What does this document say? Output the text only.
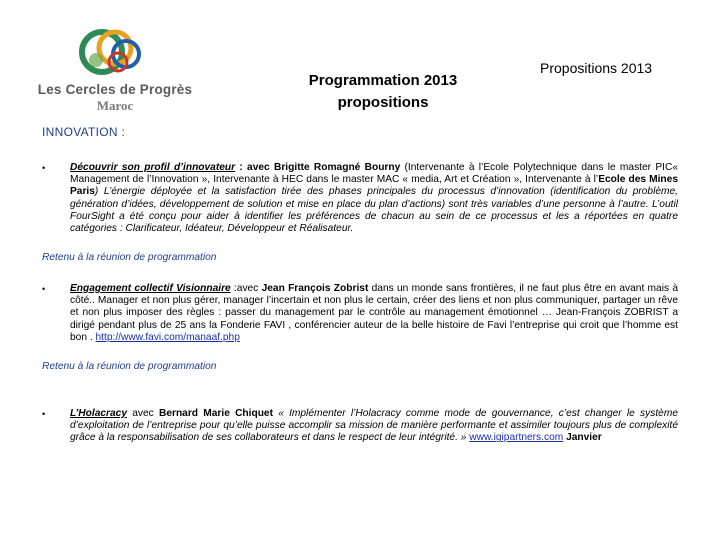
Les Cercles de Progrès
Maroc
Programmation 2013
propositions
Propositions 2013
INNOVATION :
• Découvrir son profil d’innovateur : avec Brigitte Romagné Bourny (Intervenante à l’Ecole Polytechnique dans le master PIC« Management de l’Innovation », Intervenante à HEC dans le master MAC « media, Art et Création », Intervenante à l’Ecole des Mines Paris) L’énergie déployée et la satisfaction tirée des phases principales du processus d’innovation (identification du problème, génération d’idées, développement de solution et mise en place du plan d’actions) sont très variables d’une personne à l’autre. L’outil FourSight a été conçu pour aider à identifier les préférences de chacun au sein de ce processus et les a réportées en quatre catégories : Clarificateur, Idéateur, Développeur et Réalisateur.
Retenu à la réunion de programmation
• Engagement collectif Visionnaire :avec Jean François Zobrist dans un monde sans frontières, il ne faut plus être en avant mais à côté.. Manager et non plus gérer, manager l’incertain et non plus le certain, créer des liens et non plus communiquer, partager un rêve et non plus imposer des règles : passer du management par le contrôle au management émotionnel … Jean-François ZOBRIST a dirigé pendant plus de 25 ans la Fonderie FAVI , conférencier auteur de la belle histoire de Favi l’entreprise qui croit que l’homme est bon . http://www.favi.com/manaaf.php
Retenu à la réunion de programmation
• L’Holacracy avec Bernard Marie Chiquet « Implémenter l’Holacracy comme mode de gouvernance, c’est changer le système d’exploitation de l’entreprise pour qu’elle puisse accomplir sa mission de manière performante et assimiler toujours plus de complexité grâce à la responsabilisation de ses collaborateurs et dans le respect de leur intégrité. » www.igipartners.com Janvier
